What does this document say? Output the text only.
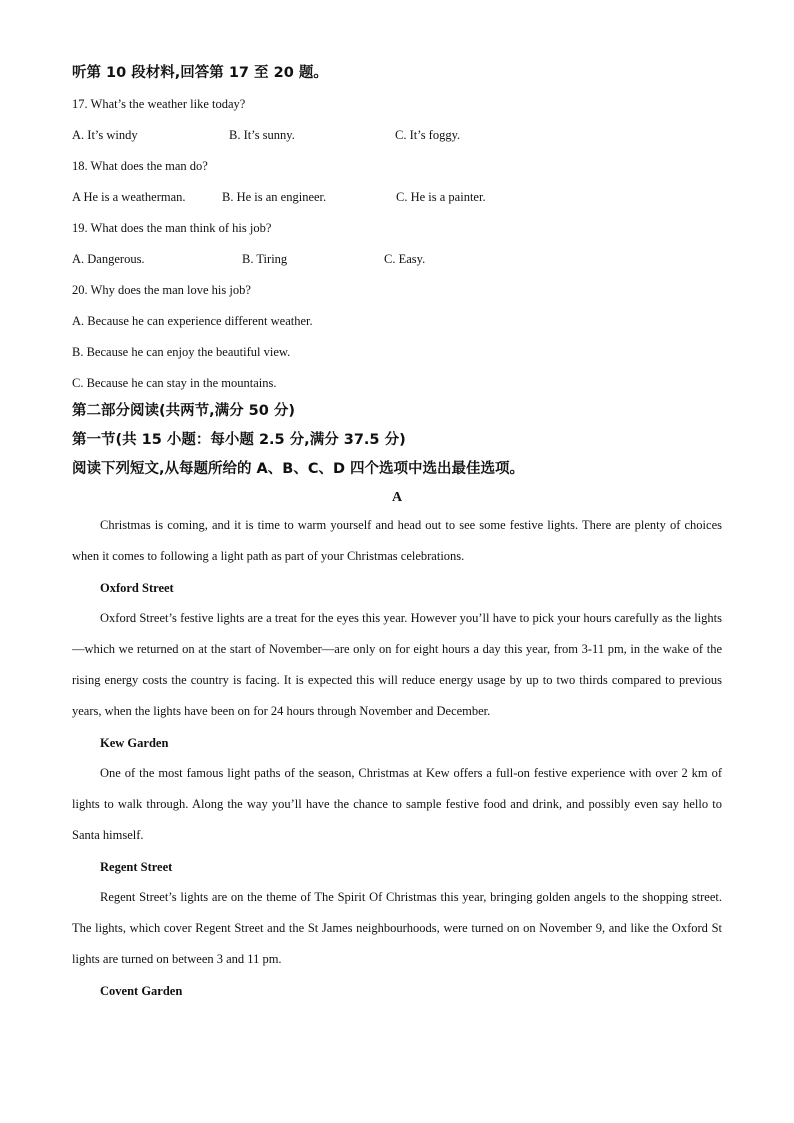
听第 10 段材料,回答第 17 至 20 题。
17. What’s the weather like today?
A. It’s windy	B. It’s sunny.	C. It’s foggy.
18. What does the man do?
A He is a weatherman.	B. He is an engineer.	C. He is a painter.
19. What does the man think of his job?
A. Dangerous.	B. Tiring	C. Easy.
20. Why does the man love his job?
A. Because he can experience different weather.
B. Because he can enjoy the beautiful view.
C. Because he can stay in the mountains.
第二部分阅读(共两节,满分 50 分)
第一节(共 15 小题：每小题 2.5 分,满分 37.5 分)
阅读下列短文,从每题所给的 A、B、C、D 四个选项中选出最佳选项。
A
Christmas is coming, and it is time to warm yourself and head out to see some festive lights. There are plenty of choices when it comes to following a light path as part of your Christmas celebrations.
Oxford Street
Oxford Street’s festive lights are a treat for the eyes this year. However you’ll have to pick your hours carefully as the lights —which we returned on at the start of November—are only on for eight hours a day this year, from 3-11 pm, in the wake of the rising energy costs the country is facing. It is expected this will reduce energy usage by up to two thirds compared to previous years, when the lights have been on for 24 hours through November and December.
Kew Garden
One of the most famous light paths of the season, Christmas at Kew offers a full-on festive experience with over 2 km of lights to walk through. Along the way you’ll have the chance to sample festive food and drink, and possibly even say hello to Santa himself.
Regent Street
Regent Street’s lights are on the theme of The Spirit Of Christmas this year, bringing golden angels to the shopping street. The lights, which cover Regent Street and the St James neighbourhoods, were turned on on November 9, and like the Oxford St lights are turned on between 3 and 11 pm.
Covent Garden
